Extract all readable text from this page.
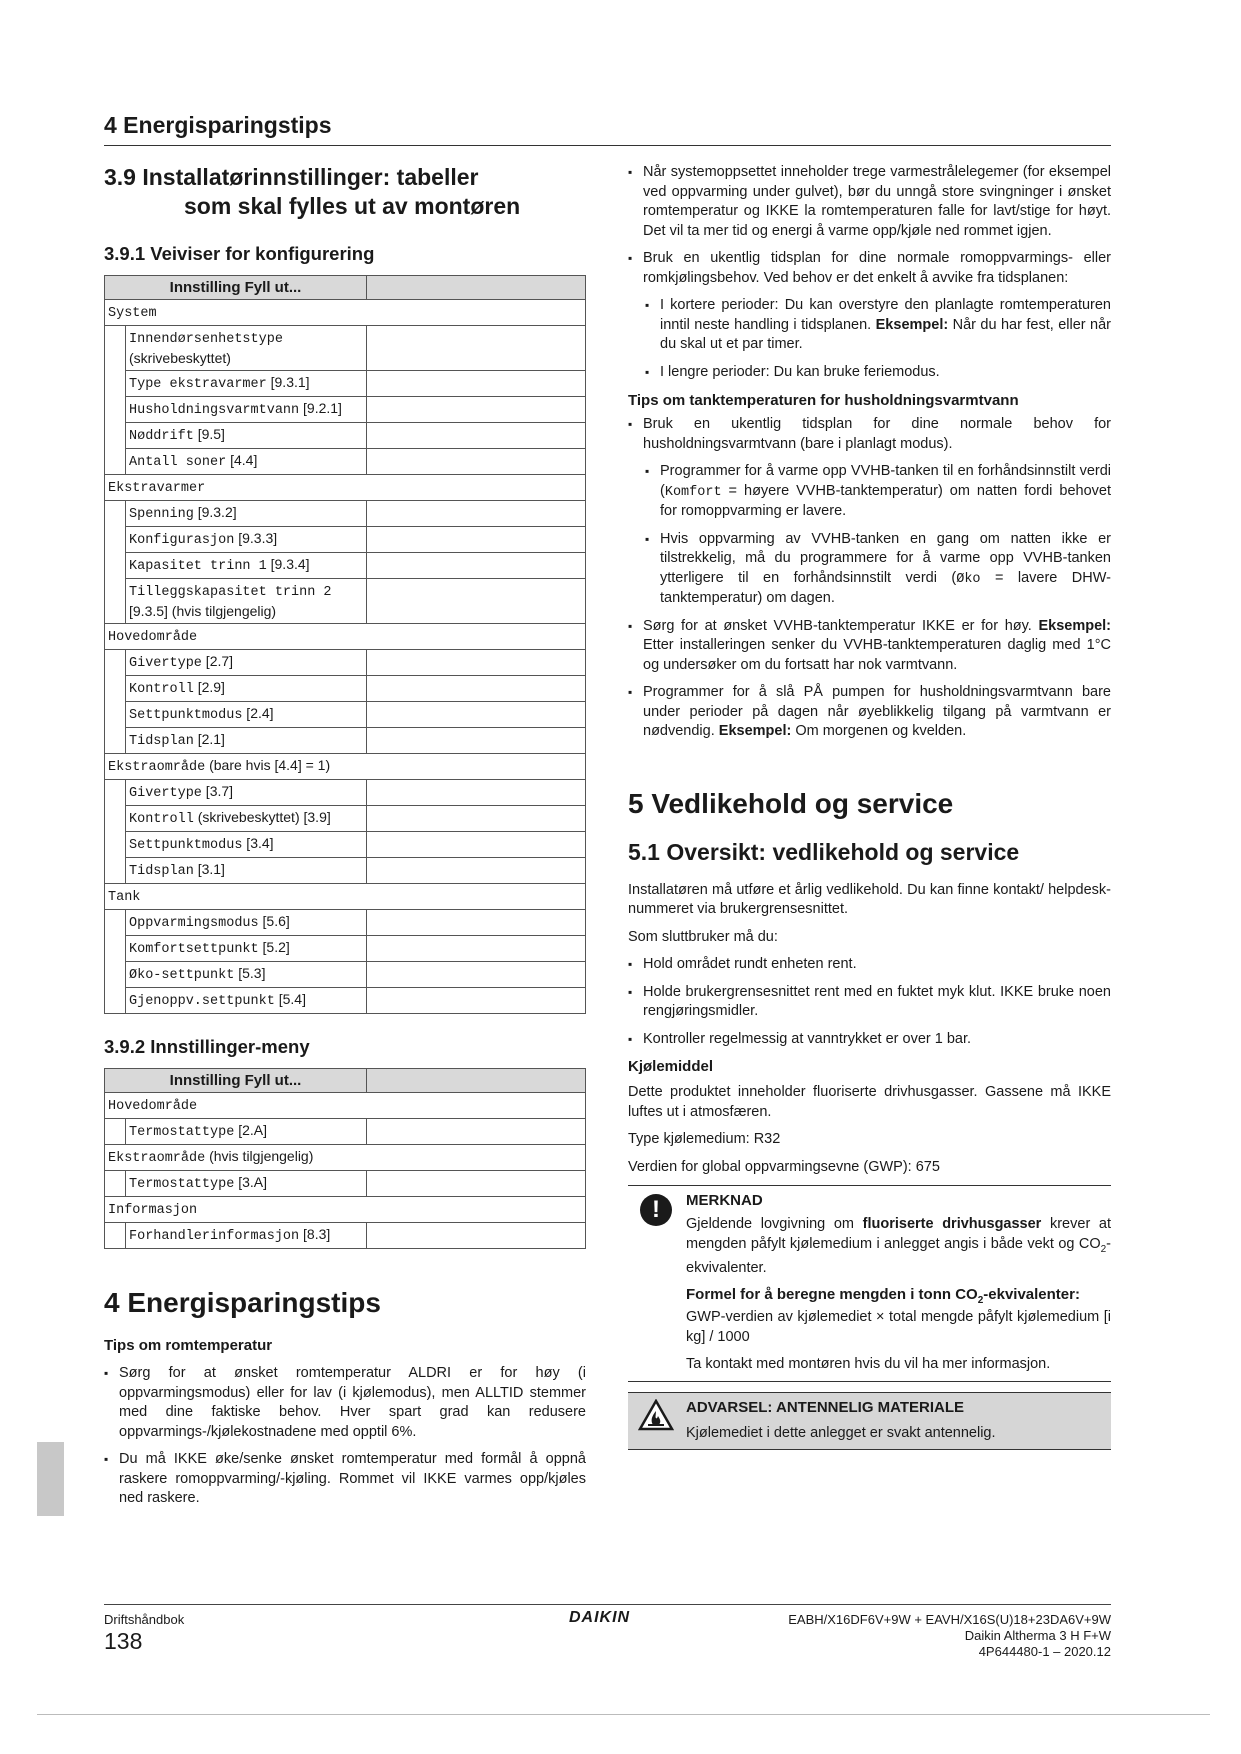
4 Energisparingstips
3.9 Installatørinnstillinger: tabeller
som skal fylles ut av montøren
3.9.1 Veiviser for konfigurering
Innstilling Fyll ut...		
System		
	Innendørsenhetstype
(skrivebeskyttet)	
	Type ekstravarmer [9.3.1]	
	Husholdningsvarmtvann [9.2.1]	
	Nøddrift [9.5]	
	Antall soner [4.4]	
Ekstravarmer		
	Spenning [9.3.2]	
	Konfigurasjon [9.3.3]	
	Kapasitet trinn 1 [9.3.4]	
	Tilleggskapasitet trinn 2
[9.3.5] (hvis tilgjengelig)	
Hovedområde		
	Givertype [2.7]	
	Kontroll [2.9]	
	Settpunktmodus [2.4]	
	Tidsplan [2.1]	
Ekstraområde (bare hvis [4.4] = 1)		
	Givertype [3.7]	
	Kontroll (skrivebeskyttet) [3.9]	
	Settpunktmodus [3.4]	
	Tidsplan [3.1]	
Tank		
	Oppvarmingsmodus [5.6]	
	Komfortsettpunkt [5.2]	
	Øko-settpunkt [5.3]	
	Gjenoppv.settpunkt [5.4]	
3.9.2 Innstillinger-meny
Innstilling Fyll ut...		
Hovedområde		
	Termostattype [2.A]	
Ekstraområde (hvis tilgjengelig)		
	Termostattype [3.A]	
Informasjon		
	Forhandlerinformasjon [8.3]	
4 Energisparingstips

Tips om romtemperatur

▪ Sørg for at ønsket romtemperatur ALDRI er for høy (i oppvarmingsmodus) eller for lav (i kjølemodus), men ALLTID stemmer med dine faktiske behov. Hver spart grad kan redusere oppvarmings-/kjølekostnadene med opptil 6%.
▪ Du må IKKE øke/senke ønsket romtemperatur med formål å oppnå raskere romoppvarming/-kjøling. Rommet vil IKKE varmes opp/kjøles ned raskere.
▪ Når systemoppsettet inneholder trege varmestrålelegemer (for eksempel ved oppvarming under gulvet), bør du unngå store svingninger i ønsket romtemperatur og IKKE la romtemperaturen falle for lavt/stige for høyt. Det vil ta mer tid og energi å varme opp/kjøle ned rommet igjen.
▪ Bruk en ukentlig tidsplan for dine normale romoppvarmings- eller romkjølingsbehov. Ved behov er det enkelt å avvike fra tidsplanen:
▪ I kortere perioder: Du kan overstyre den planlagte romtemperaturen inntil neste handling i tidsplanen. Eksempel: Når du har fest, eller når du skal ut et par timer.
▪ I lengre perioder: Du kan bruke feriemodus.

Tips om tanktemperaturen for husholdningsvarmtvann

▪ Bruk en ukentlig tidsplan for dine normale behov for husholdningsvarmtvann (bare i planlagt modus).
▪ Programmer for å varme opp VVHB-tanken til en forhåndsinnstilt verdi (Komfort = høyere VVHB-tanktemperatur) om natten fordi behovet for romoppvarming er lavere.
▪ Hvis oppvarming av VVHB-tanken en gang om natten ikke er tilstrekkelig, må du programmere for å varme opp VVHB-tanken ytterligere til en forhåndsinnstilt verdi (Øko = lavere DHW-tanktemperatur) om dagen.
▪ Sørg for at ønsket VVHB-tanktemperatur IKKE er for høy. Eksempel: Etter installeringen senker du VVHB-tanktemperaturen daglig med 1°C og undersøker om du fortsatt har nok varmtvann.
▪ Programmer for å slå PÅ pumpen for husholdningsvarmtvann bare under perioder på dagen når øyeblikkelig tilgang på varmtvann er nødvendig. Eksempel: Om morgenen og kvelden.
5 Vedlikehold og service
5.1 Oversikt: vedlikehold og service

Installatøren må utføre et årlig vedlikehold. Du kan finne kontakt/ helpdesk-nummeret via brukergrensesnittet.

Som sluttbruker må du:

▪ Hold området rundt enheten rent.
▪ Holde brukergrensesnittet rent med en fuktet myk klut. IKKE bruke noen rengjøringsmidler.
▪ Kontroller regelmessig at vanntrykket er over 1 bar.

Kjølemiddel

Dette produktet inneholder fluoriserte drivhusgasser. Gassene må IKKE luftes ut i atmosfæren.

Type kjølemedium: R32

Verdien for global oppvarmingsevne (GWP): 675

!	MERKNAD

Gjeldende lovgivning om fluoriserte drivhusgasser krever at mengden påfylt kjølemedium i anlegget angis i både vekt og $CO_2$-ekvivalenter.

Formel for å beregne mengden i tonn $CO_2$-ekvivalenter:

GWP-verdien av kjølemediet × total mengde påfylt kjølemedium [i kg] / 1000

Ta kontakt med montøren hvis du vil ha mer informasjon.

ADVARSEL: ANTENNELIG MATERIALE

Kjølemediet i dette anlegget er svakt antennelig.

Driftshåndbok
138
DAIKIN	EABH/X16DF6V+9W + EAVH/X16S(U)18+23DA6V+9W
Daikin Altherma 3 H F+W
4P644480-1 – 2020.12
